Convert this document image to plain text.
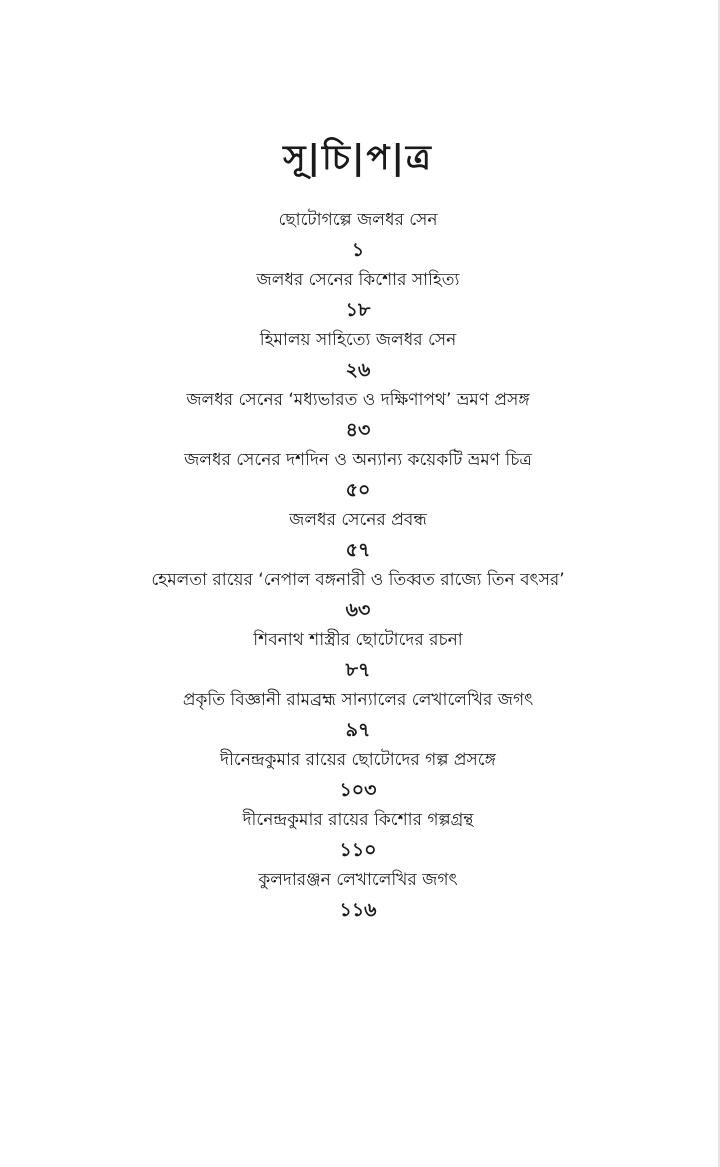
সূ|চি|প|ত্র
ছোটোগল্পে জলধর সেন
১
জলধর সেনের কিশোর সাহিত্য
১৮
হিমালয় সাহিত্যে জলধর সেন
২৬
জলধর সেনের ‘মধ্যভারত ও দক্ষিণাপথ’ ভ্রমণ প্রসঙ্গ
৪৩
জলধর সেনের দশদিন ও অন্যান্য কয়েকটি ভ্রমণ চিত্র
৫০
জলধর সেনের প্রবন্ধ
৫৭
হেমলতা রায়ের ‘নেপাল বঙ্গনারী ও তিব্বত রাজ্যে তিন বৎসর’
৬৩
শিবনাথ শাস্ত্রীর ছোটোদের রচনা
৮৭
প্রকৃতি বিজ্ঞানী রামব্রহ্ম সান্যালের লেখালেখির জগৎ
৯৭
দীনেন্দ্রকুমার রায়ের ছোটোদের গল্প প্রসঙ্গে
১০৩
দীনেন্দ্রকুমার রায়ের কিশোর গল্পগ্রন্থ
১১০
কুলদারঞ্জন লেখালেখির জগৎ
১১৬
